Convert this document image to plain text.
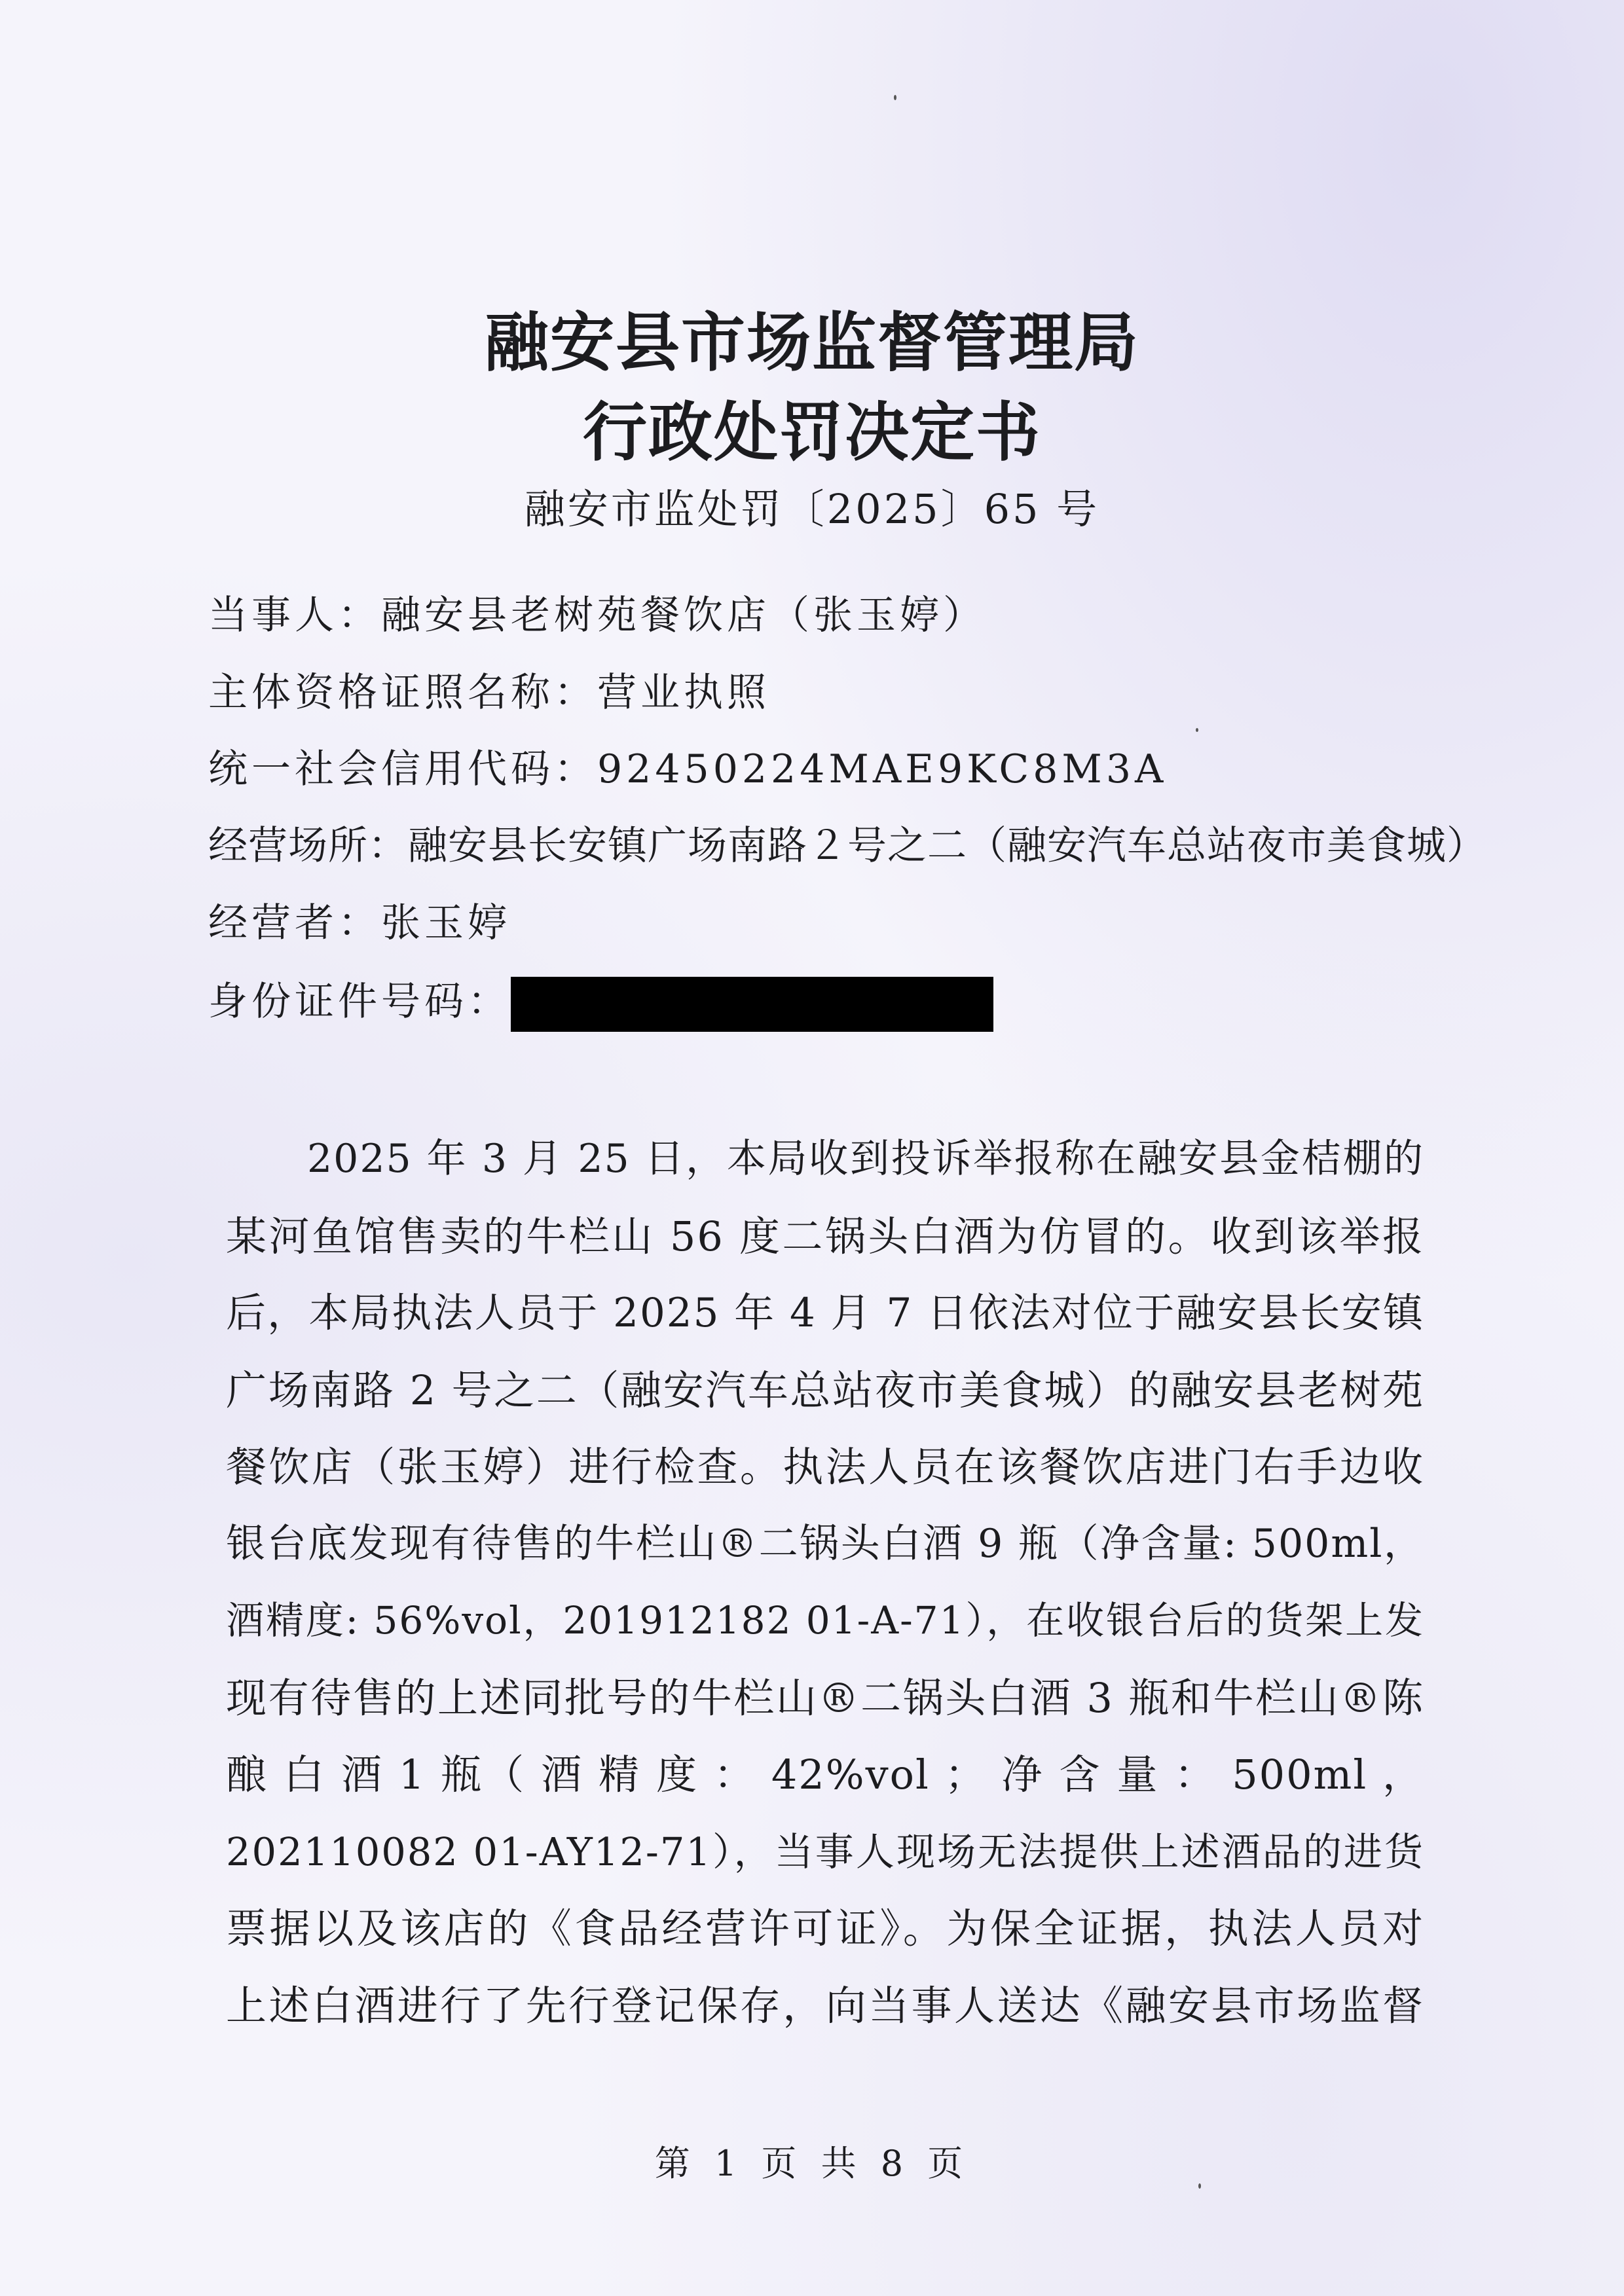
融安县市场监督管理局
行政处罚决定书
融安市监处罚〔2025〕65 号
当事人：融安县老树苑餐饮店（张玉婷）
主体资格证照名称：营业执照
统一社会信用代码：92450224MAE9KC8M3A
经营场所：融安县长安镇广场南路２号之二（融安汽车总站夜市美食城）
经营者：张玉婷
身份证件号码：
2025 年 3 月 25 日，本局收到投诉举报称在融安县金桔棚的
某河鱼馆售卖的牛栏山 56 度二锅头白酒为仿冒的。收到该举报
后，本局执法人员于 2025 年 4 月 7 日依法对位于融安县长安镇
广场南路 2 号之二（融安汽车总站夜市美食城）的融安县老树苑
餐饮店（张玉婷）进行检查。执法人员在该餐饮店进门右手边收
银台底发现有待售的牛栏山®二锅头白酒 9 瓶（净含量: 500ml，
酒精度: 56%vol，201912182 01-A-71），在收银台后的货架上发
现有待售的上述同批号的牛栏山®二锅头白酒 3 瓶和牛栏山®陈
酿 白 酒 1 瓶（ 酒 精 度 ： 42%vol ； 净 含 量 ： 500ml ，
202110082 01-AY12-71），当事人现场无法提供上述酒品的进货
票据以及该店的《食品经营许可证》。为保全证据，执法人员对
上述白酒进行了先行登记保存，向当事人送达《融安县市场监督
第 1 页 共 8 页
